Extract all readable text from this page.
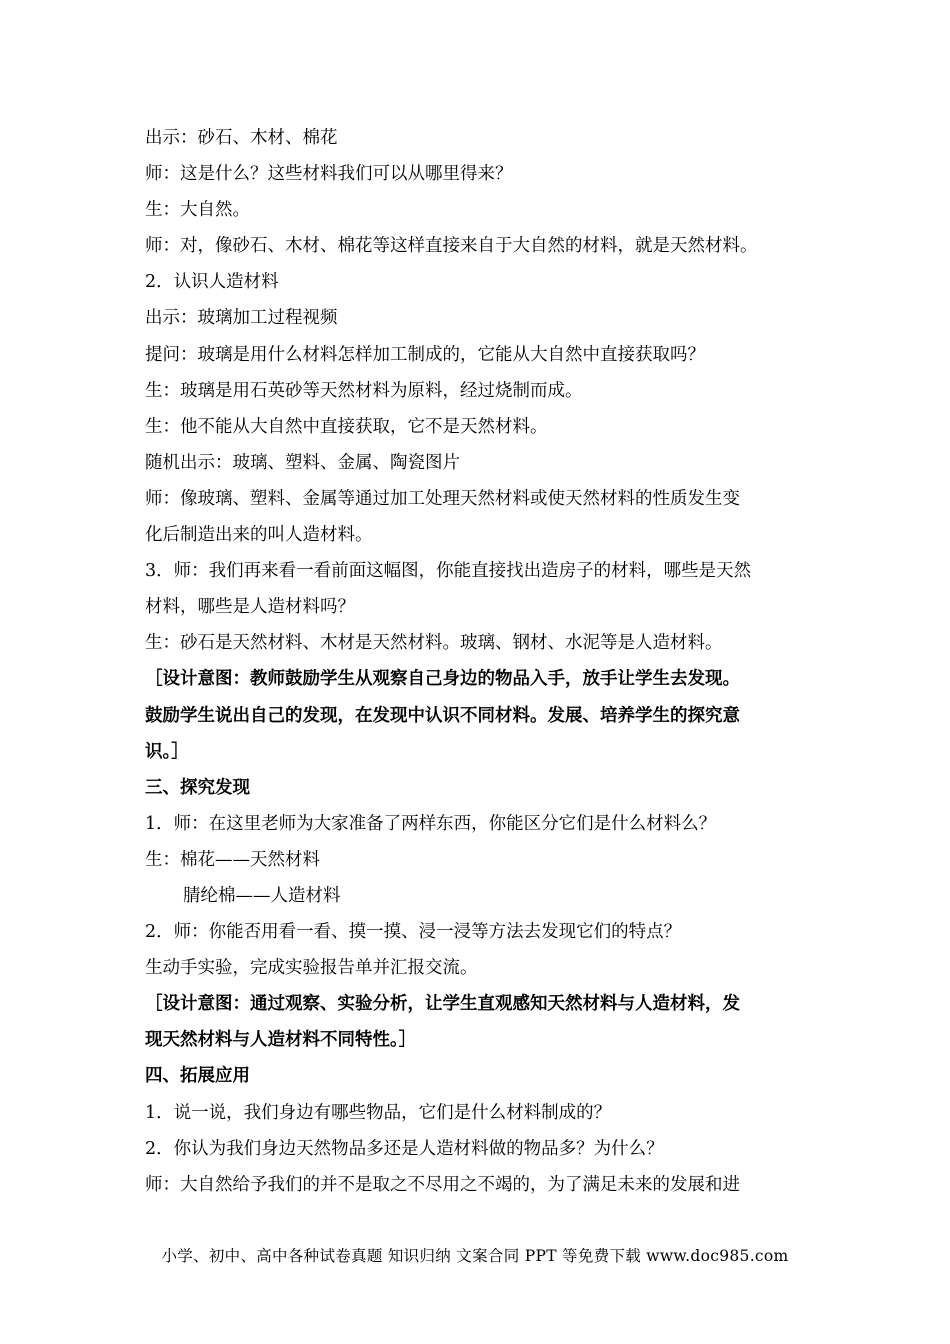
出示：砂石、木材、棉花

师：这是什么？这些材料我们可以从哪里得来？

生：大自然。

师：对，像砂石、木材、棉花等这样直接来自于大自然的材料，就是天然材料。

2．认识人造材料

出示：玻璃加工过程视频

提问：玻璃是用什么材料怎样加工制成的，它能从大自然中直接获取吗？

生：玻璃是用石英砂等天然材料为原料，经过烧制而成。

生：他不能从大自然中直接获取，它不是天然材料。

随机出示：玻璃、塑料、金属、陶瓷图片

师：像玻璃、塑料、金属等通过加工处理天然材料或使天然材料的性质发生变

化后制造出来的叫人造材料。

3．师：我们再来看一看前面这幅图，你能直接找出造房子的材料，哪些是天然

材料，哪些是人造材料吗？

生：砂石是天然材料、木材是天然材料。玻璃、钢材、水泥等是人造材料。

［设计意图：教师鼓励学生从观察自己身边的物品入手，放手让学生去发现。

鼓励学生说出自己的发现，在发现中认识不同材料。发展、培养学生的探究意

识。］

三、探究发现

1．师：在这里老师为大家准备了两样东西，你能区分它们是什么材料么？

生：棉花——天然材料

腈纶棉——人造材料

2．师：你能否用看一看、摸一摸、浸一浸等方法去发现它们的特点？

生动手实验，完成实验报告单并汇报交流。

［设计意图：通过观察、实验分析，让学生直观感知天然材料与人造材料，发

现天然材料与人造材料不同特性。］

四、拓展应用

1．说一说，我们身边有哪些物品，它们是什么材料制成的？

2．你认为我们身边天然物品多还是人造材料做的物品多？为什么？

师：大自然给予我们的并不是取之不尽用之不竭的，为了满足未来的发展和进

小学、初中、高中各种试卷真题 知识归纳 文案合同 PPT 等免费下载 www.doc985.com
